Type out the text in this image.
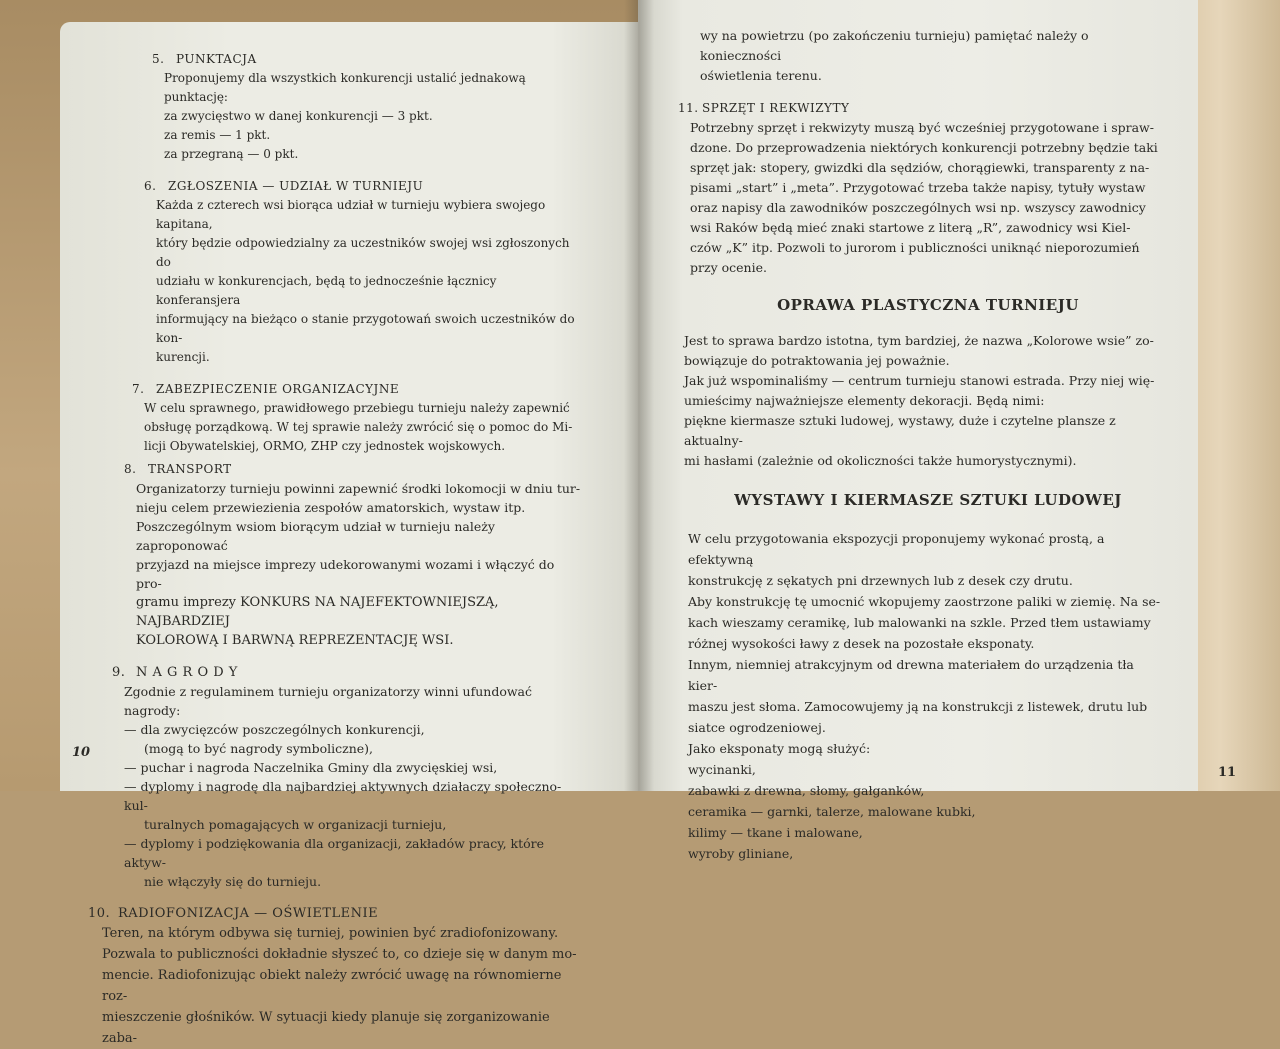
5. PUNKTACJA
Proponujemy dla wszystkich konkurencji ustalić jednakową punktację:
za zwycięstwo w danej konkurencji — 3 pkt.
za remis — 1 pkt.
za przegraną — 0 pkt.
6. ZGŁOSZENIA — UDZIAŁ W TURNIEJU
Każda z czterech wsi biorąca udział w turnieju wybiera swojego kapitana,
który będzie odpowiedzialny za uczestników swojej wsi zgłoszonych do
udziału w konkurencjach, będą to jednocześnie łącznicy konferansjera
informujący na bieżąco o stanie przygotowań swoich uczestników do kon-
kurencji.
7. ZABEZPIECZENIE ORGANIZACYJNE
W celu sprawnego, prawidłowego przebiegu turnieju należy zapewnić
obsługę porządkową. W tej sprawie należy zwrócić się o pomoc do Mi-
licji Obywatelskiej, ORMO, ZHP czy jednostek wojskowych.
8. TRANSPORT
Organizatorzy turnieju powinni zapewnić środki lokomocji w dniu tur-
nieju celem przewiezienia zespołów amatorskich, wystaw itp.
Poszczególnym wsiom biorącym udział w turnieju należy zaproponować
przyjazd na miejsce imprezy udekorowanymi wozami i włączyć do pro-
gramu imprezy KONKURS NA NAJEFEKTOWNIEJSZĄ, NAJBARDZIEJ
KOLOROWĄ I BARWNĄ REPREZENTACJĘ WSI.
9. N A G R O D Y
Zgodnie z regulaminem turnieju organizatorzy winni ufundować nagrody:
— dla zwycięzców poszczególnych konkurencji,
(mogą to być nagrody symboliczne),
— puchar i nagroda Naczelnika Gminy dla zwycięskiej wsi,
— dyplomy i nagrodę dla najbardziej aktywnych działaczy społeczno-kul-
turalnych pomagających w organizacji turnieju,
— dyplomy i podziękowania dla organizacji, zakładów pracy, które aktyw-
nie włączyły się do turnieju.
10. RADIOFONIZACJA — OŚWIETLENIE
Teren, na którym odbywa się turniej, powinien być zradiofonizowany.
Pozwala to publiczności dokładnie słyszeć to, co dzieje się w danym mo-
mencie. Radiofonizując obiekt należy zwrócić uwagę na równomierne roz-
mieszczenie głośników. W sytuacji kiedy planuje się zorganizowanie zaba-
10
wy na powietrzu (po zakończeniu turnieju) pamiętać należy o konieczności
oświetlenia terenu.
11. SPRZĘT I REKWIZYTY
Potrzebny sprzęt i rekwizyty muszą być wcześniej przygotowane i spraw-
dzone. Do przeprowadzenia niektórych konkurencji potrzebny będzie taki
sprzęt jak: stopery, gwizdki dla sędziów, chorągiewki, transparenty z na-
pisami „start” i „meta”. Przygotować trzeba także napisy, tytuły wystaw
oraz napisy dla zawodników poszczególnych wsi np. wszyscy zawodnicy
wsi Raków będą mieć znaki startowe z literą „R”, zawodnicy wsi Kiel-
czów „K” itp. Pozwoli to jurorom i publiczności uniknąć nieporozumień
przy ocenie.
OPRAWA PLASTYCZNA TURNIEJU
Jest to sprawa bardzo istotna, tym bardziej, że nazwa „Kolorowe wsie” zo-
bowiązuje do potraktowania jej poważnie.
Jak już wspominaliśmy — centrum turnieju stanowi estrada. Przy niej wię-
umieścimy najważniejsze elementy dekoracji. Będą nimi:
piękne kiermasze sztuki ludowej, wystawy, duże i czytelne plansze z aktualny-
mi hasłami (zależnie od okoliczności także humorystycznymi).
WYSTAWY I KIERMASZE SZTUKI LUDOWEJ
W celu przygotowania ekspozycji proponujemy wykonać prostą, a efektywną
konstrukcję z sękatych pni drzewnych lub z desek czy drutu.
Aby konstrukcję tę umocnić wkopujemy zaostrzone paliki w ziemię. Na se-
kach wieszamy ceramikę, lub malowanki na szkle. Przed tłem ustawiamy
różnej wysokości ławy z desek na pozostałe eksponaty.
Innym, niemniej atrakcyjnym od drewna materiałem do urządzenia tła kier-
maszu jest słoma. Zamocowujemy ją na konstrukcji z listewek, drutu lub
siatce ogrodzeniowej.
Jako eksponaty mogą służyć:
wycinanki,
zabawki z drewna, słomy, gałganków,
ceramika — garnki, talerze, malowane kubki,
kilimy — tkane i malowane,
wyroby gliniane,
11
